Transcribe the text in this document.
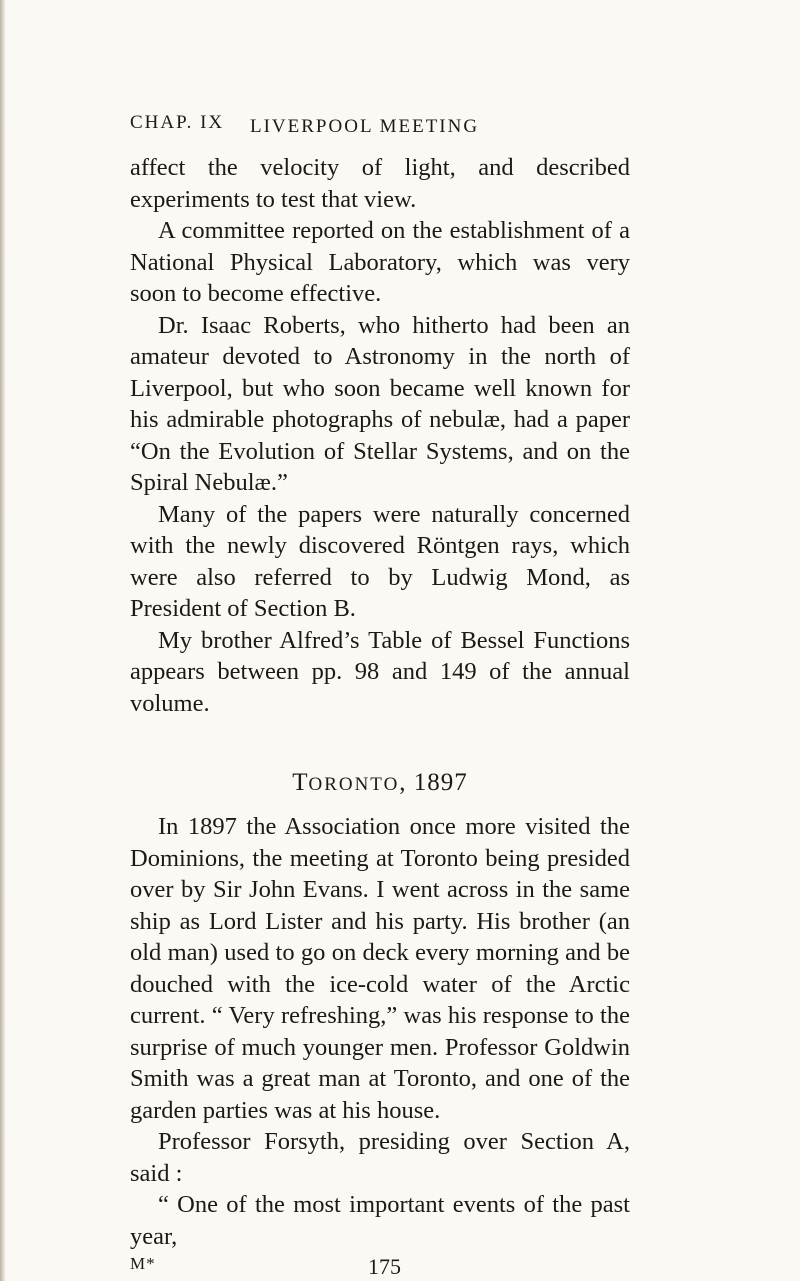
CHAP. IX LIVERPOOL MEETING

affect the velocity of light, and described experiments to test that view.

A committee reported on the establishment of a National Physical Laboratory, which was very soon to become effective.

Dr. Isaac Roberts, who hitherto had been an amateur devoted to Astronomy in the north of Liverpool, but who soon became well known for his admirable photographs of nebulæ, had a paper “On the Evolution of Stellar Systems, and on the Spiral Nebulæ.”

Many of the papers were naturally concerned with the newly discovered Röntgen rays, which were also referred to by Ludwig Mond, as President of Section B.

My brother Alfred’s Table of Bessel Functions appears between pp. 98 and 149 of the annual volume.

TORONTO, 1897

In 1897 the Association once more visited the Dominions, the meeting at Toronto being presided over by Sir John Evans. I went across in the same ship as Lord Lister and his party. His brother (an old man) used to go on deck every morning and be douched with the ice-cold water of the Arctic current. “ Very refreshing,” was his response to the surprise of much younger men. Professor Goldwin Smith was a great man at Toronto, and one of the garden parties was at his house.

Professor Forsyth, presiding over Section A, said :

“ One of the most important events of the past year,

M*	175
